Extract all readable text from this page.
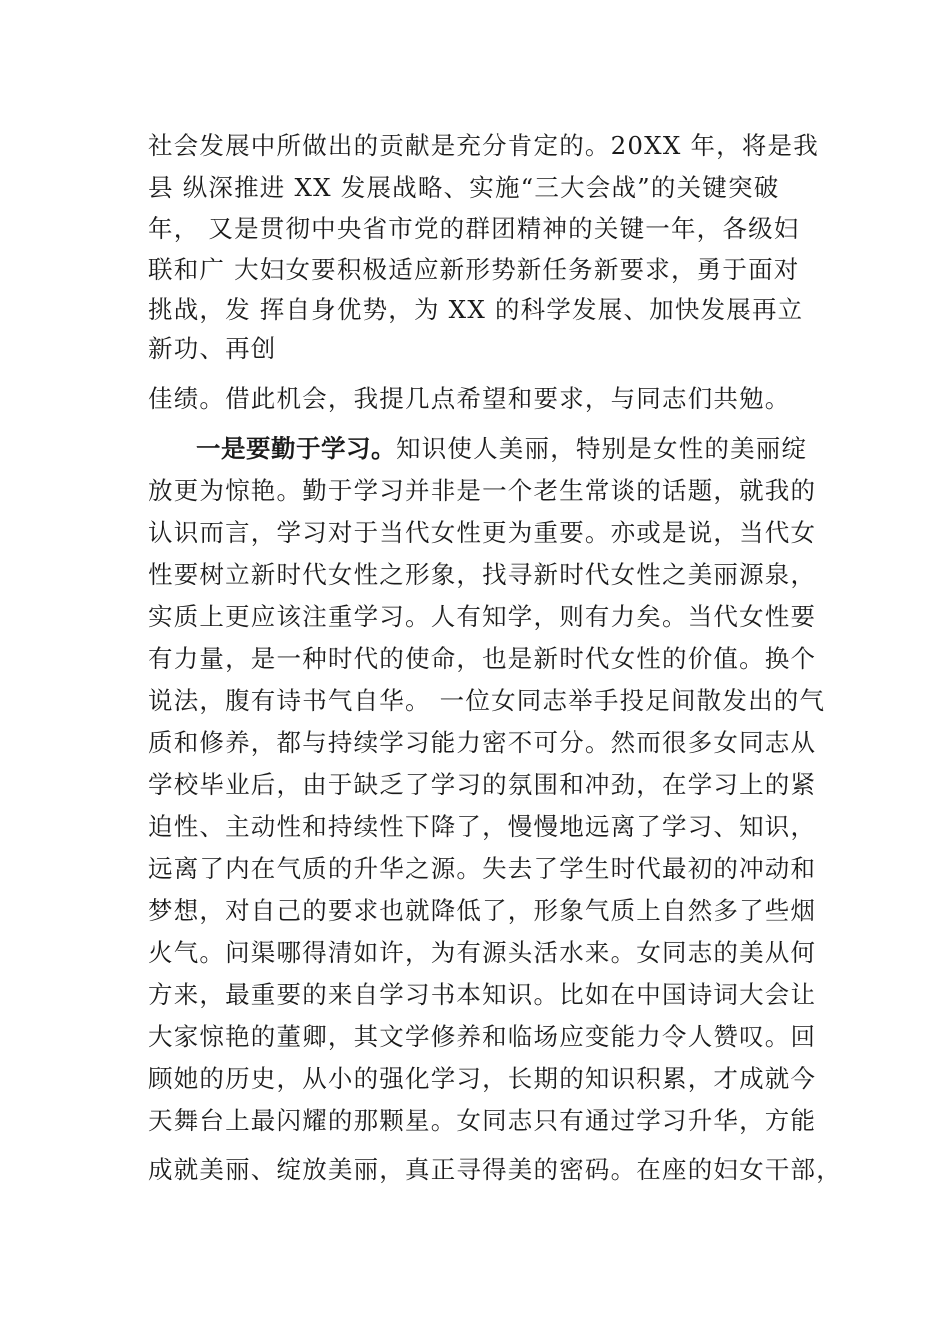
社会发展中所做出的贡献是充分肯定的。20XX 年，将是我
县 纵深推进 XX 发展战略、实施“三大会战”的关键突破
年， 又是贯彻中央省市党的群团精神的关键一年，各级妇
联和广 大妇女要积极适应新形势新任务新要求，勇于面对
挑战，发 挥自身优势，为 XX 的科学发展、加快发展再立
新功、再创
佳绩。借此机会，我提几点希望和要求，与同志们共勉。
一是要勤于学习。知识使人美丽，特别是女性的美丽绽
放更为惊艳。勤于学习并非是一个老生常谈的话题，就我的
认识而言，学习对于当代女性更为重要。亦或是说，当代女
性要树立新时代女性之形象，找寻新时代女性之美丽源泉，
实质上更应该注重学习。人有知学，则有力矣。当代女性要
有力量，是一种时代的使命，也是新时代女性的价值。换个
说法，腹有诗书气自华。 一位女同志举手投足间散发出的气
质和修养，都与持续学习能力密不可分。然而很多女同志从
学校毕业后，由于缺乏了学习的氛围和冲劲，在学习上的紧
迫性、主动性和持续性下降了，慢慢地远离了学习、知识，
远离了内在气质的升华之源。失去了学生时代最初的冲动和
梦想，对自己的要求也就降低了，形象气质上自然多了些烟
火气。问渠哪得清如许，为有源头活水来。女同志的美从何
方来，最重要的来自学习书本知识。比如在中国诗词大会让
大家惊艳的董卿，其文学修养和临场应变能力令人赞叹。回
顾她的历史，从小的强化学习，长期的知识积累，才成就今
天舞台上最闪耀的那颗星。女同志只有通过学习升华，方能
成就美丽、绽放美丽，真正寻得美的密码。在座的妇女干部，
